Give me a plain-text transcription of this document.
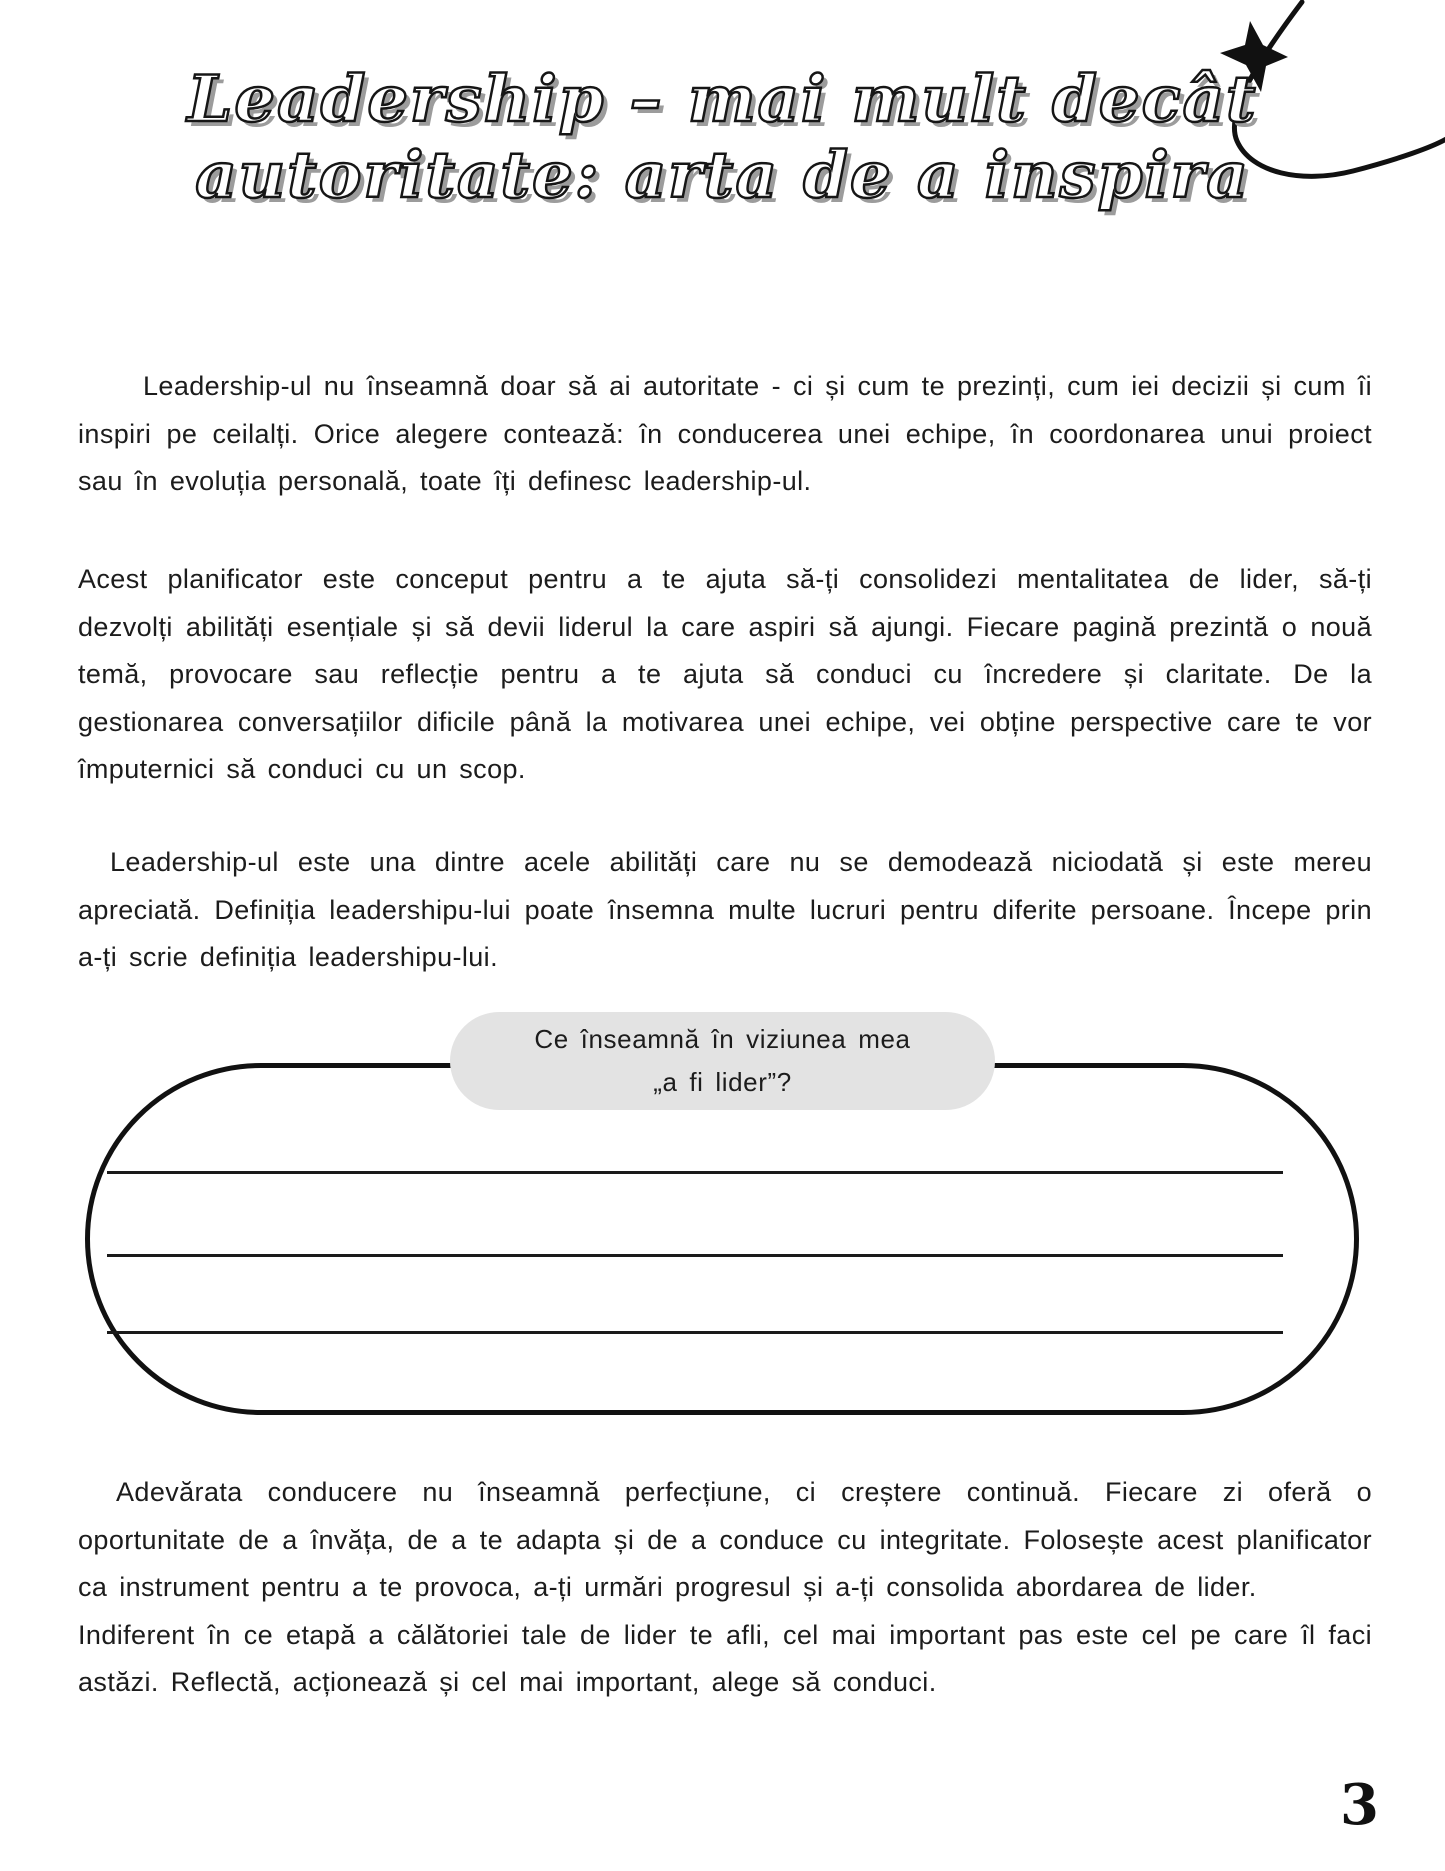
Leadership – mai mult decât
autoritate: arta de a inspira

Leadership-ul nu înseamnă doar să ai autoritate - ci și cum te prezinți, cum iei decizii și cum îi inspiri pe ceilalți. Orice alegere contează: în conducerea unei echipe, în coordonarea unui proiect sau în evoluția personală, toate îți definesc leadership-ul.

Acest planificator este conceput pentru a te ajuta să-ți consolidezi mentalitatea de lider, să-ți dezvolți abilități esențiale și să devii liderul la care aspiri să ajungi. Fiecare pagină prezintă o nouă temă, provocare sau reflecție pentru a te ajuta să conduci cu încredere și claritate. De la gestionarea conversațiilor dificile până la motivarea unei echipe, vei obține perspective care te vor împuternici să conduci cu un scop.

Leadership-ul este una dintre acele abilități care nu se demodează niciodată și este mereu apreciată. Definiția leadershipu-lui poate însemna multe lucruri pentru diferite persoane. Începe prin a-ți scrie definiția leadershipu-lui.

Ce înseamnă în viziunea mea
„a fi lider”?

Adevărata conducere nu înseamnă perfecțiune, ci creștere continuă. Fiecare zi oferă o oportunitate de a învăța, de a te adapta și de a conduce cu integritate. Folosește acest planificator ca instrument pentru a te provoca, a-ți urmări progresul și a-ți consolida abordarea de lider.

Indiferent în ce etapă a călătoriei tale de lider te afli, cel mai important pas este cel pe care îl faci astăzi. Reflectă, acționează și cel mai important, alege să conduci.

3
